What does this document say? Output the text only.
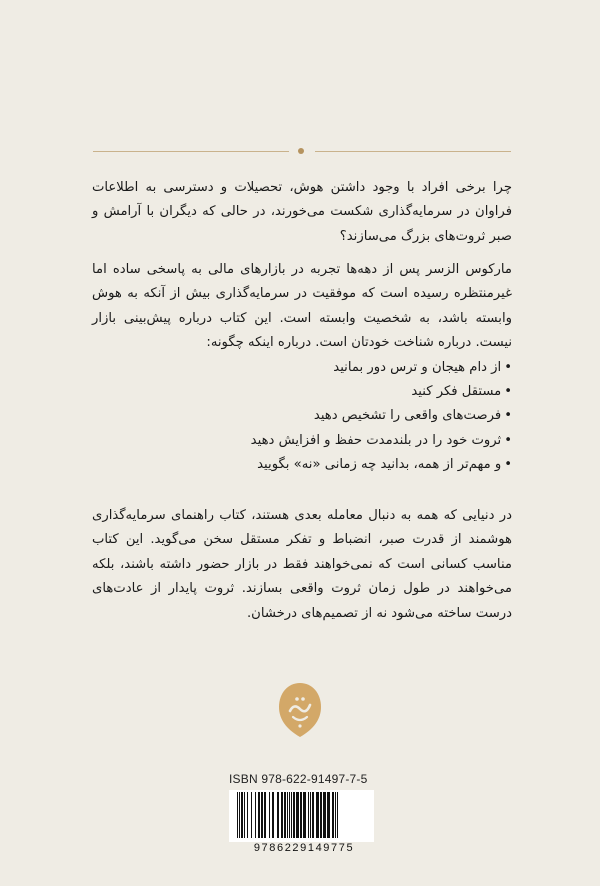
چرا برخی افراد با وجود داشتن هوش، تحصیلات و دسترسی به اطلاعات فراوان در سرمایه‌گذاری شکست می‌خورند، در حالی که دیگران با آرامش و صبر ثروت‌های بزرگ می‌سازند؟

مارکوس الزسر پس از دهه‌ها تجربه در بازارهای مالی به پاسخی ساده اما غیرمنتظره رسیده است که موفقیت در سرمایه‌گذاری بیش از آنکه به هوش وابسته باشد، به شخصیت وابسته است. این کتاب درباره پیش‌بینی بازار نیست. درباره شناخت خودتان است. درباره اینکه چگونه:

•از دام هیجان و ترس دور بمانید
•مستقل فکر کنید
•فرصت‌های واقعی را تشخیص دهید
•ثروت خود را در بلندمدت حفظ و افزایش دهید
•و مهم‌تر از همه، بدانید چه زمانی «نه» بگویید
در دنیایی که همه به دنبال معامله بعدی هستند، کتاب راهنمای سرمایه‌گذاری هوشمند از قدرت صبر، انضباط و تفکر مستقل سخن می‌گوید. این کتاب مناسب کسانی است که نمی‌خواهند فقط در بازار حضور داشته باشند، بلکه می‌خواهند در طول زمان ثروت واقعی بسازند. ثروت پایدار از عادت‌های درست ساخته می‌شود نه از تصمیم‌های درخشان.
ISBN 978-622-91497-7-5
9786229149775
